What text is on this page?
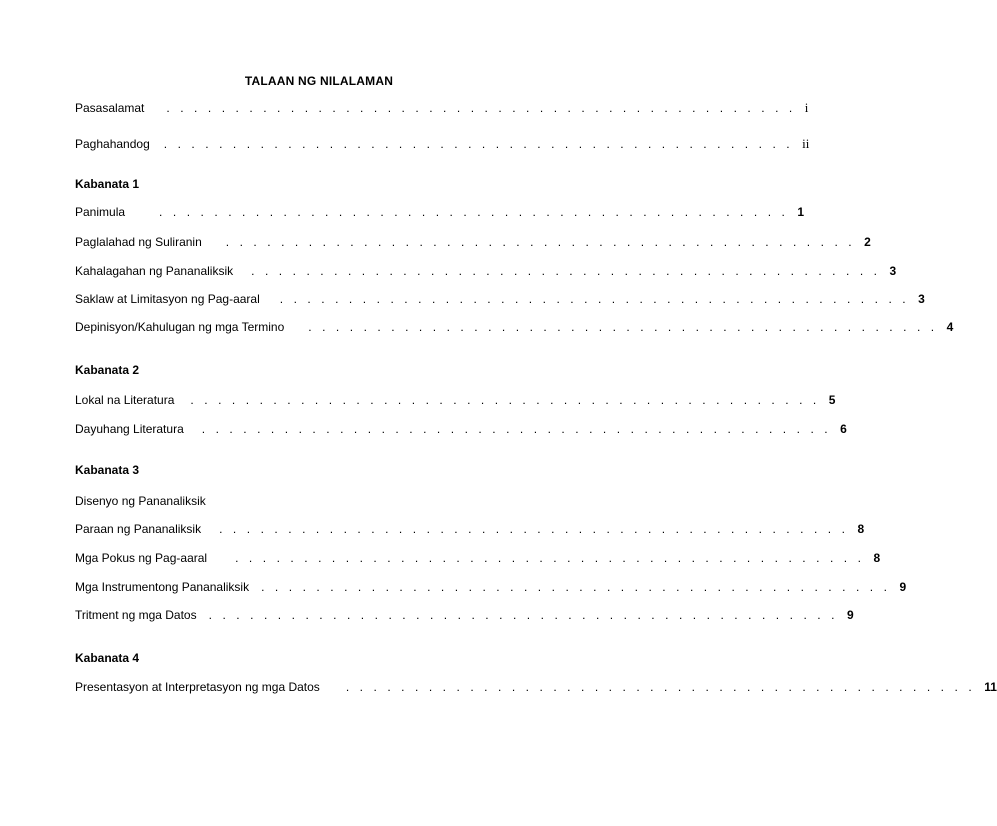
TALAAN NG NILALAMAN
Pasasalamat	.............................................. i
Paghahandog	.............................................. ii
Kabanata 1
Panimula	.............................................. 1
Paglalahad ng Suliranin	.............................................. 2
Kahalagahan ng Pananaliksik	.............................................. 3
Saklaw at Limitasyon ng Pag-aaral	.............................................. 3
Depinisyon/Kahulugan ng mga Termino	.............................................. 4
Kabanata 2
Lokal na Literatura	.............................................. 5
Dayuhang Literatura	.............................................. 6
Kabanata 3
Disenyo ng Pananaliksik
Paraan ng Pananaliksik	.............................................. 8
Mga Pokus ng Pag-aaral	.............................................. 8
Mga Instrumentong Pananaliksik	.............................................. 9
Tritment ng mga Datos	.............................................. 9
Kabanata 4
Presentasyon at Interpretasyon ng mga Datos	.............................................. 11
